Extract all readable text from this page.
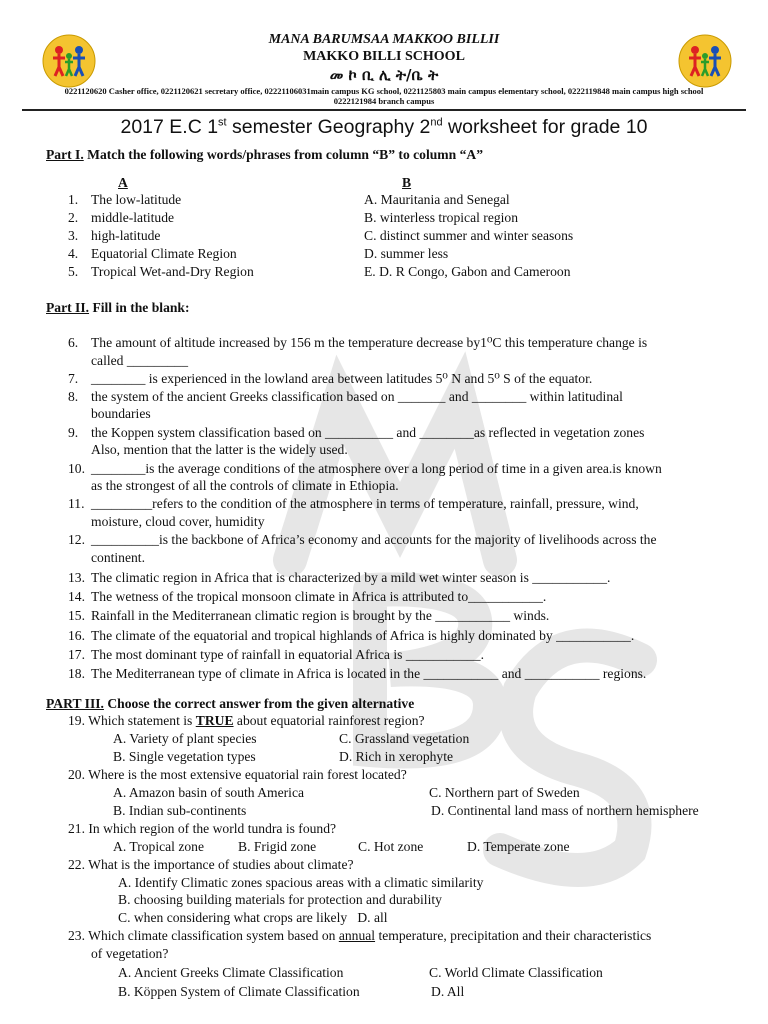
MANA BARUMSAA MAKKOO BILLII
MAKKO BILLI SCHOOL
መ ኮ ቢ ሊ ት/ቤ ት
0221120620 Casher office, 0221120621 secretary office, 02221106031main campus KG school, 0221125803 main campus elementary school, 0222119848 main campus high school 0222121984 branch campus
2017 E.C 1st semester Geography 2nd worksheet for grade 10
Part I. Match the following words/phrases from column “B” to column “A”
A	B
1. The low-latitude	A. Mauritania and Senegal
2. middle-latitude	B. winterless tropical region
3. high-latitude	C. distinct summer and winter seasons
4. Equatorial Climate Region	D. summer less
5. Tropical Wet-and-Dry Region	E. D. R Congo, Gabon and Cameroon
Part II. Fill in the blank:
6. The amount of altitude increased by 156 m the temperature decrease by1⁰C this temperature change is
called _________
7. ________ is experienced in the lowland area between latitudes 5⁰ N and 5⁰ S of the equator.
8. the system of the ancient Greeks classification based on _______ and ________ within latitudinal
boundaries
9. the Koppen system classification based on __________ and ________as reflected in vegetation zones
Also, mention that the latter is the widely used.
10. ________is the average conditions of the atmosphere over a long period of time in a given area.is known
as the strongest of all the controls of climate in Ethiopia.
11. _________refers to the condition of the atmosphere in terms of temperature, rainfall, pressure, wind,
moisture, cloud cover, humidity
12. __________is the backbone of Africa’s economy and accounts for the majority of livelihoods across the
continent.
13. The climatic region in Africa that is characterized by a mild wet winter season is ___________.
14. The wetness of the tropical monsoon climate in Africa is attributed to___________.
15. Rainfall in the Mediterranean climatic region is brought by the ___________ winds.
16. The climate of the equatorial and tropical highlands of Africa is highly dominated by ___________.
17. The most dominant type of rainfall in equatorial Africa is ___________.
18. The Mediterranean type of climate in Africa is located in the ___________ and ___________ regions.
PART III. Choose the correct answer from the given alternative
19. Which statement is TRUE about equatorial rainforest region?
A. Variety of plant species	C. Grassland vegetation
B. Single vegetation types	D. Rich in xerophyte
20. Where is the most extensive equatorial rain forest located?
A. Amazon basin of south America	C. Northern part of Sweden
B. Indian sub-continents	D. Continental land mass of northern hemisphere
21. In which region of the world tundra is found?
A. Tropical zone	B. Frigid zone	C. Hot zone	D. Temperate zone
22. What is the importance of studies about climate?
A. Identify Climatic zones spacious areas with a climatic similarity
B. choosing building materials for protection and durability
C. when considering what crops are likely D. all
23. Which climate classification system based on annual temperature, precipitation and their characteristics
of vegetation?
A. Ancient Greeks Climate Classification	C. World Climate Classification
B. Köppen System of Climate Classification	D. All
